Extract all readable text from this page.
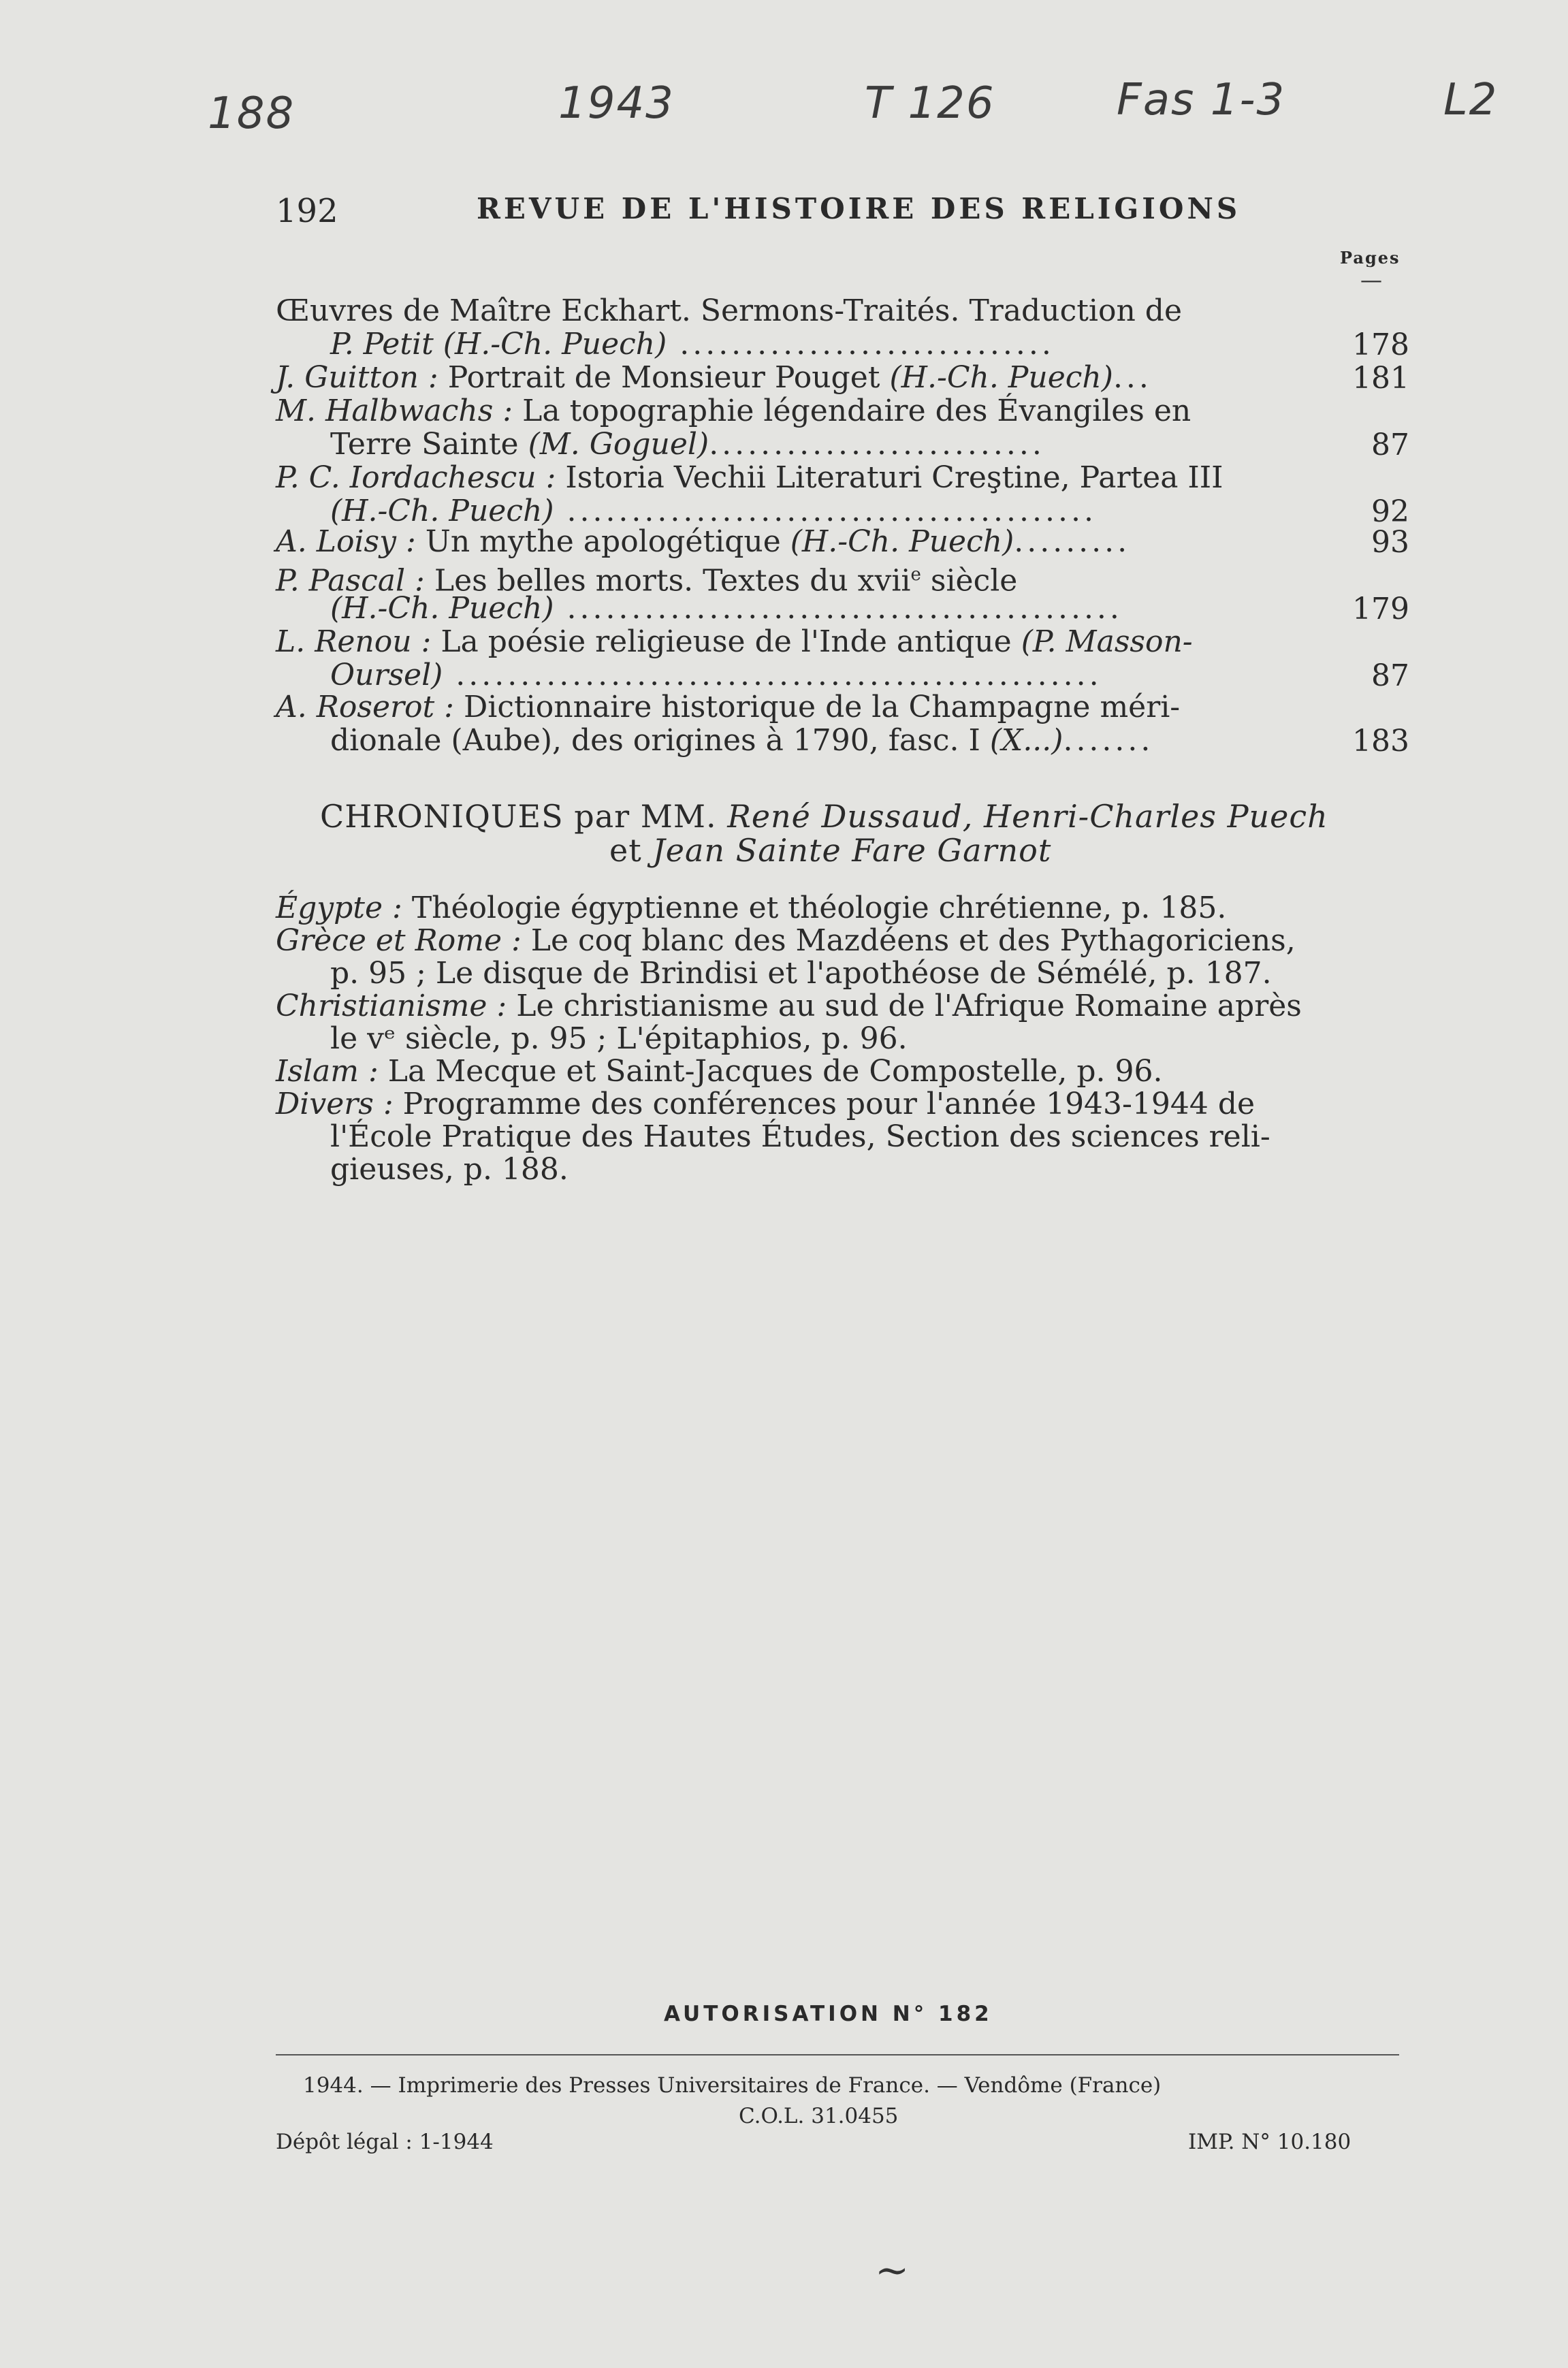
188	1943	T 126	Fas 1-3	L2
192	REVUE DE L'HISTOIRE DES RELIGIONS
Pages
—
Œuvres de Maître Eckhart. Sermons-Traités. Traduction de
P. Petit (H.-Ch. Puech) .............................	178
J. Guitton : Portrait de Monsieur Pouget (H.-Ch. Puech)...	181
M. Halbwachs : La topographie légendaire des Évangiles en
Terre Sainte (M. Goguel)..........................	87
P. C. Iordachescu : Istoria Vechii Literaturi Creştine, Partea III
(H.-Ch. Puech) .........................................	92
A. Loisy : Un mythe apologétique (H.-Ch. Puech).........	93
P. Pascal : Les belles morts. Textes du xvii$^e$ siècle
(H.-Ch. Puech) ...........................................	179
L. Renou : La poésie religieuse de l'Inde antique (P. Masson-
Oursel) ..................................................	87
A. Roserot : Dictionnaire historique de la Champagne méri-
dionale (Aube), des origines à 1790, fasc. I (X...).......	183
CHRONIQUES par MM. René Dussaud, Henri-Charles Puech
et Jean Sainte Fare Garnot
Égypte : Théologie égyptienne et théologie chrétienne, p. 185.
Grèce et Rome : Le coq blanc des Mazdéens et des Pythagoriciens,
p. 95 ; Le disque de Brindisi et l'apothéose de Sémélé, p. 187.
Christianisme : Le christianisme au sud de l'Afrique Romaine après
le vᵉ siècle, p. 95 ; L'épitaphios, p. 96.
Islam : La Mecque et Saint-Jacques de Compostelle, p. 96.
Divers : Programme des conférences pour l'année 1943-1944 de
l'École Pratique des Hautes Études, Section des sciences reli-
gieuses, p. 188.
AUTORISATION N° 182
1944. — Imprimerie des Presses Universitaires de France. — Vendôme (France)
C.O.L. 31.0455
Dépôt légal : 1-1944	IMP. N° 10.180
~
